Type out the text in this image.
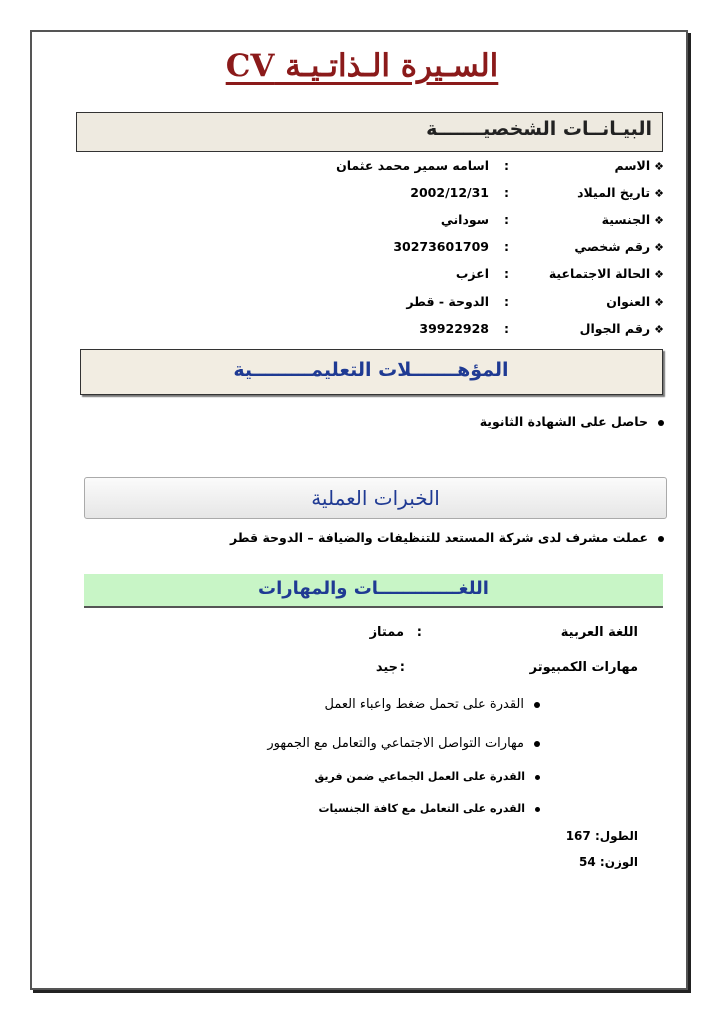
السـيرة الـذاتـيـة CV
البيـانــات الشخصيـــــــة
❖الاسم
:
اسامه سمير محمد عثمان
❖تاريخ الميلاد
:
2002/12/31
❖الجنسية
:
سوداني
❖رقم شخصي
:
30273601709
❖الحالة الاجتماعية
:
اعزب
❖العنوان
:
الدوحة - قطر
❖رقم الجوال
:
39922928
المؤهـــــــلات التعليمـــــــــية
حاصل على الشهادة الثانوية
الخبرات العملية
عملت مشرف لدى شركة المستعد للتنظيفات والضيافة – الدوحة قطر
اللغـــــــــــــات والمهارات
اللغة العربية
:
ممتاز
مهارات الكمبيوتر
:
جيد
القدرة على تحمل ضغط واعباء العمل
مهارات التواصل الاجتماعي والتعامل مع الجمهور
القدرة على العمل الجماعي ضمن فريق
القدره على التعامل مع كافة الجنسيات
الطول: 167
الوزن: 54
